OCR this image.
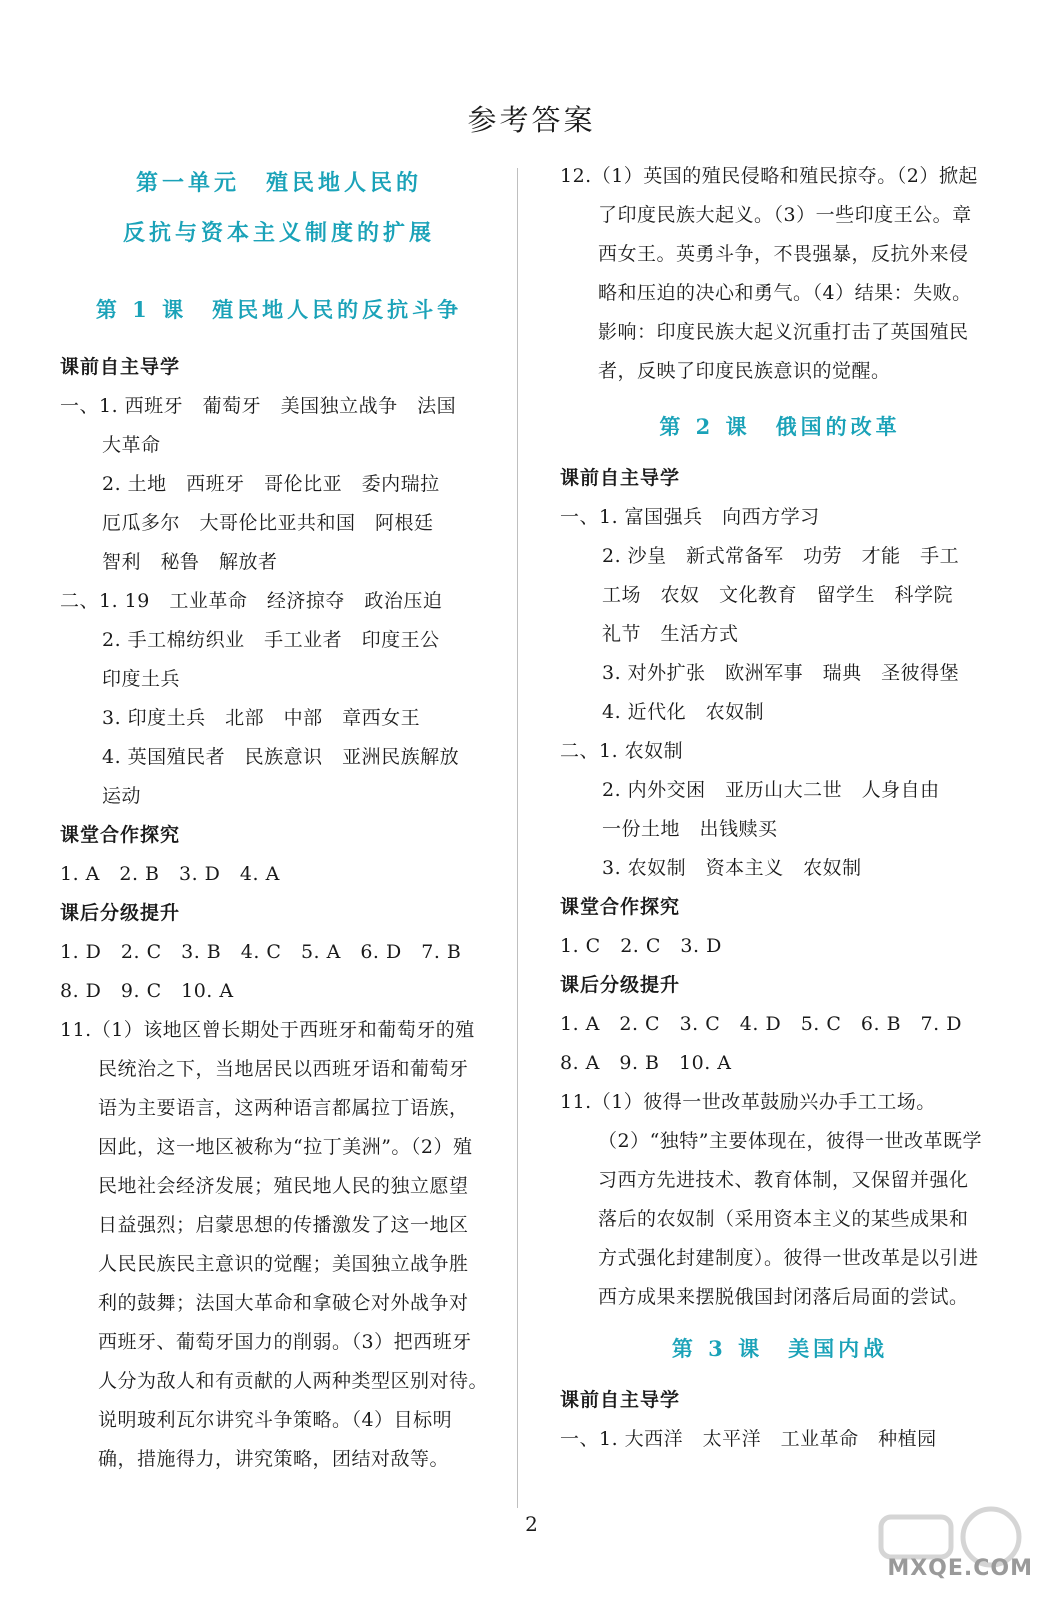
参考答案
第一单元　殖民地人民的
反抗与资本主义制度的扩展
第 1 课　殖民地人民的反抗斗争
课前自主导学
一、1. 西班牙　葡萄牙　美国独立战争　法国
大革命
2. 土地　西班牙　哥伦比亚　委内瑞拉
厄瓜多尔　大哥伦比亚共和国　阿根廷
智利　秘鲁　解放者
二、1. 19　工业革命　经济掠夺　政治压迫
2. 手工棉纺织业　手工业者　印度王公
印度土兵
3. 印度土兵　北部　中部　章西女王
4. 英国殖民者　民族意识　亚洲民族解放
运动
课堂合作探究
1. A　2. B　3. D　4. A
课后分级提升
1. D　2. C　3. B　4. C　5. A　6. D　7. B
8. D　9. C　10. A
11.（1）该地区曾长期处于西班牙和葡萄牙的殖
民统治之下，当地居民以西班牙语和葡萄牙
语为主要语言，这两种语言都属拉丁语族，
因此，这一地区被称为“拉丁美洲”。（2）殖
民地社会经济发展；殖民地人民的独立愿望
日益强烈；启蒙思想的传播激发了这一地区
人民民族民主意识的觉醒；美国独立战争胜
利的鼓舞；法国大革命和拿破仑对外战争对
西班牙、葡萄牙国力的削弱。（3）把西班牙
人分为敌人和有贡献的人两种类型区别对待。
说明玻利瓦尔讲究斗争策略。（4）目标明
确，措施得力，讲究策略，团结对敌等。
12.（1）英国的殖民侵略和殖民掠夺。（2）掀起
了印度民族大起义。（3）一些印度王公。章
西女王。英勇斗争，不畏强暴，反抗外来侵
略和压迫的决心和勇气。（4）结果：失败。
影响：印度民族大起义沉重打击了英国殖民
者，反映了印度民族意识的觉醒。
第 2 课　俄国的改革
课前自主导学
一、1. 富国强兵　向西方学习
2. 沙皇　新式常备军　功劳　才能　手工
工场　农奴　文化教育　留学生　科学院
礼节　生活方式
3. 对外扩张　欧洲军事　瑞典　圣彼得堡
4. 近代化　农奴制
二、1. 农奴制
2. 内外交困　亚历山大二世　人身自由
一份土地　出钱赎买
3. 农奴制　资本主义　农奴制
课堂合作探究
1. C　2. C　3. D
课后分级提升
1. A　2. C　3. C　4. D　5. C　6. B　7. D
8. A　9. B　10. A
11.（1）彼得一世改革鼓励兴办手工工场。
（2）“独特”主要体现在，彼得一世改革既学
习西方先进技术、教育体制，又保留并强化
落后的农奴制（采用资本主义的某些成果和
方式强化封建制度）。彼得一世改革是以引进
西方成果来摆脱俄国封闭落后局面的尝试。
第 3 课　美国内战
课前自主导学
一、1. 大西洋　太平洋　工业革命　种植园
2
MXQE.COM
